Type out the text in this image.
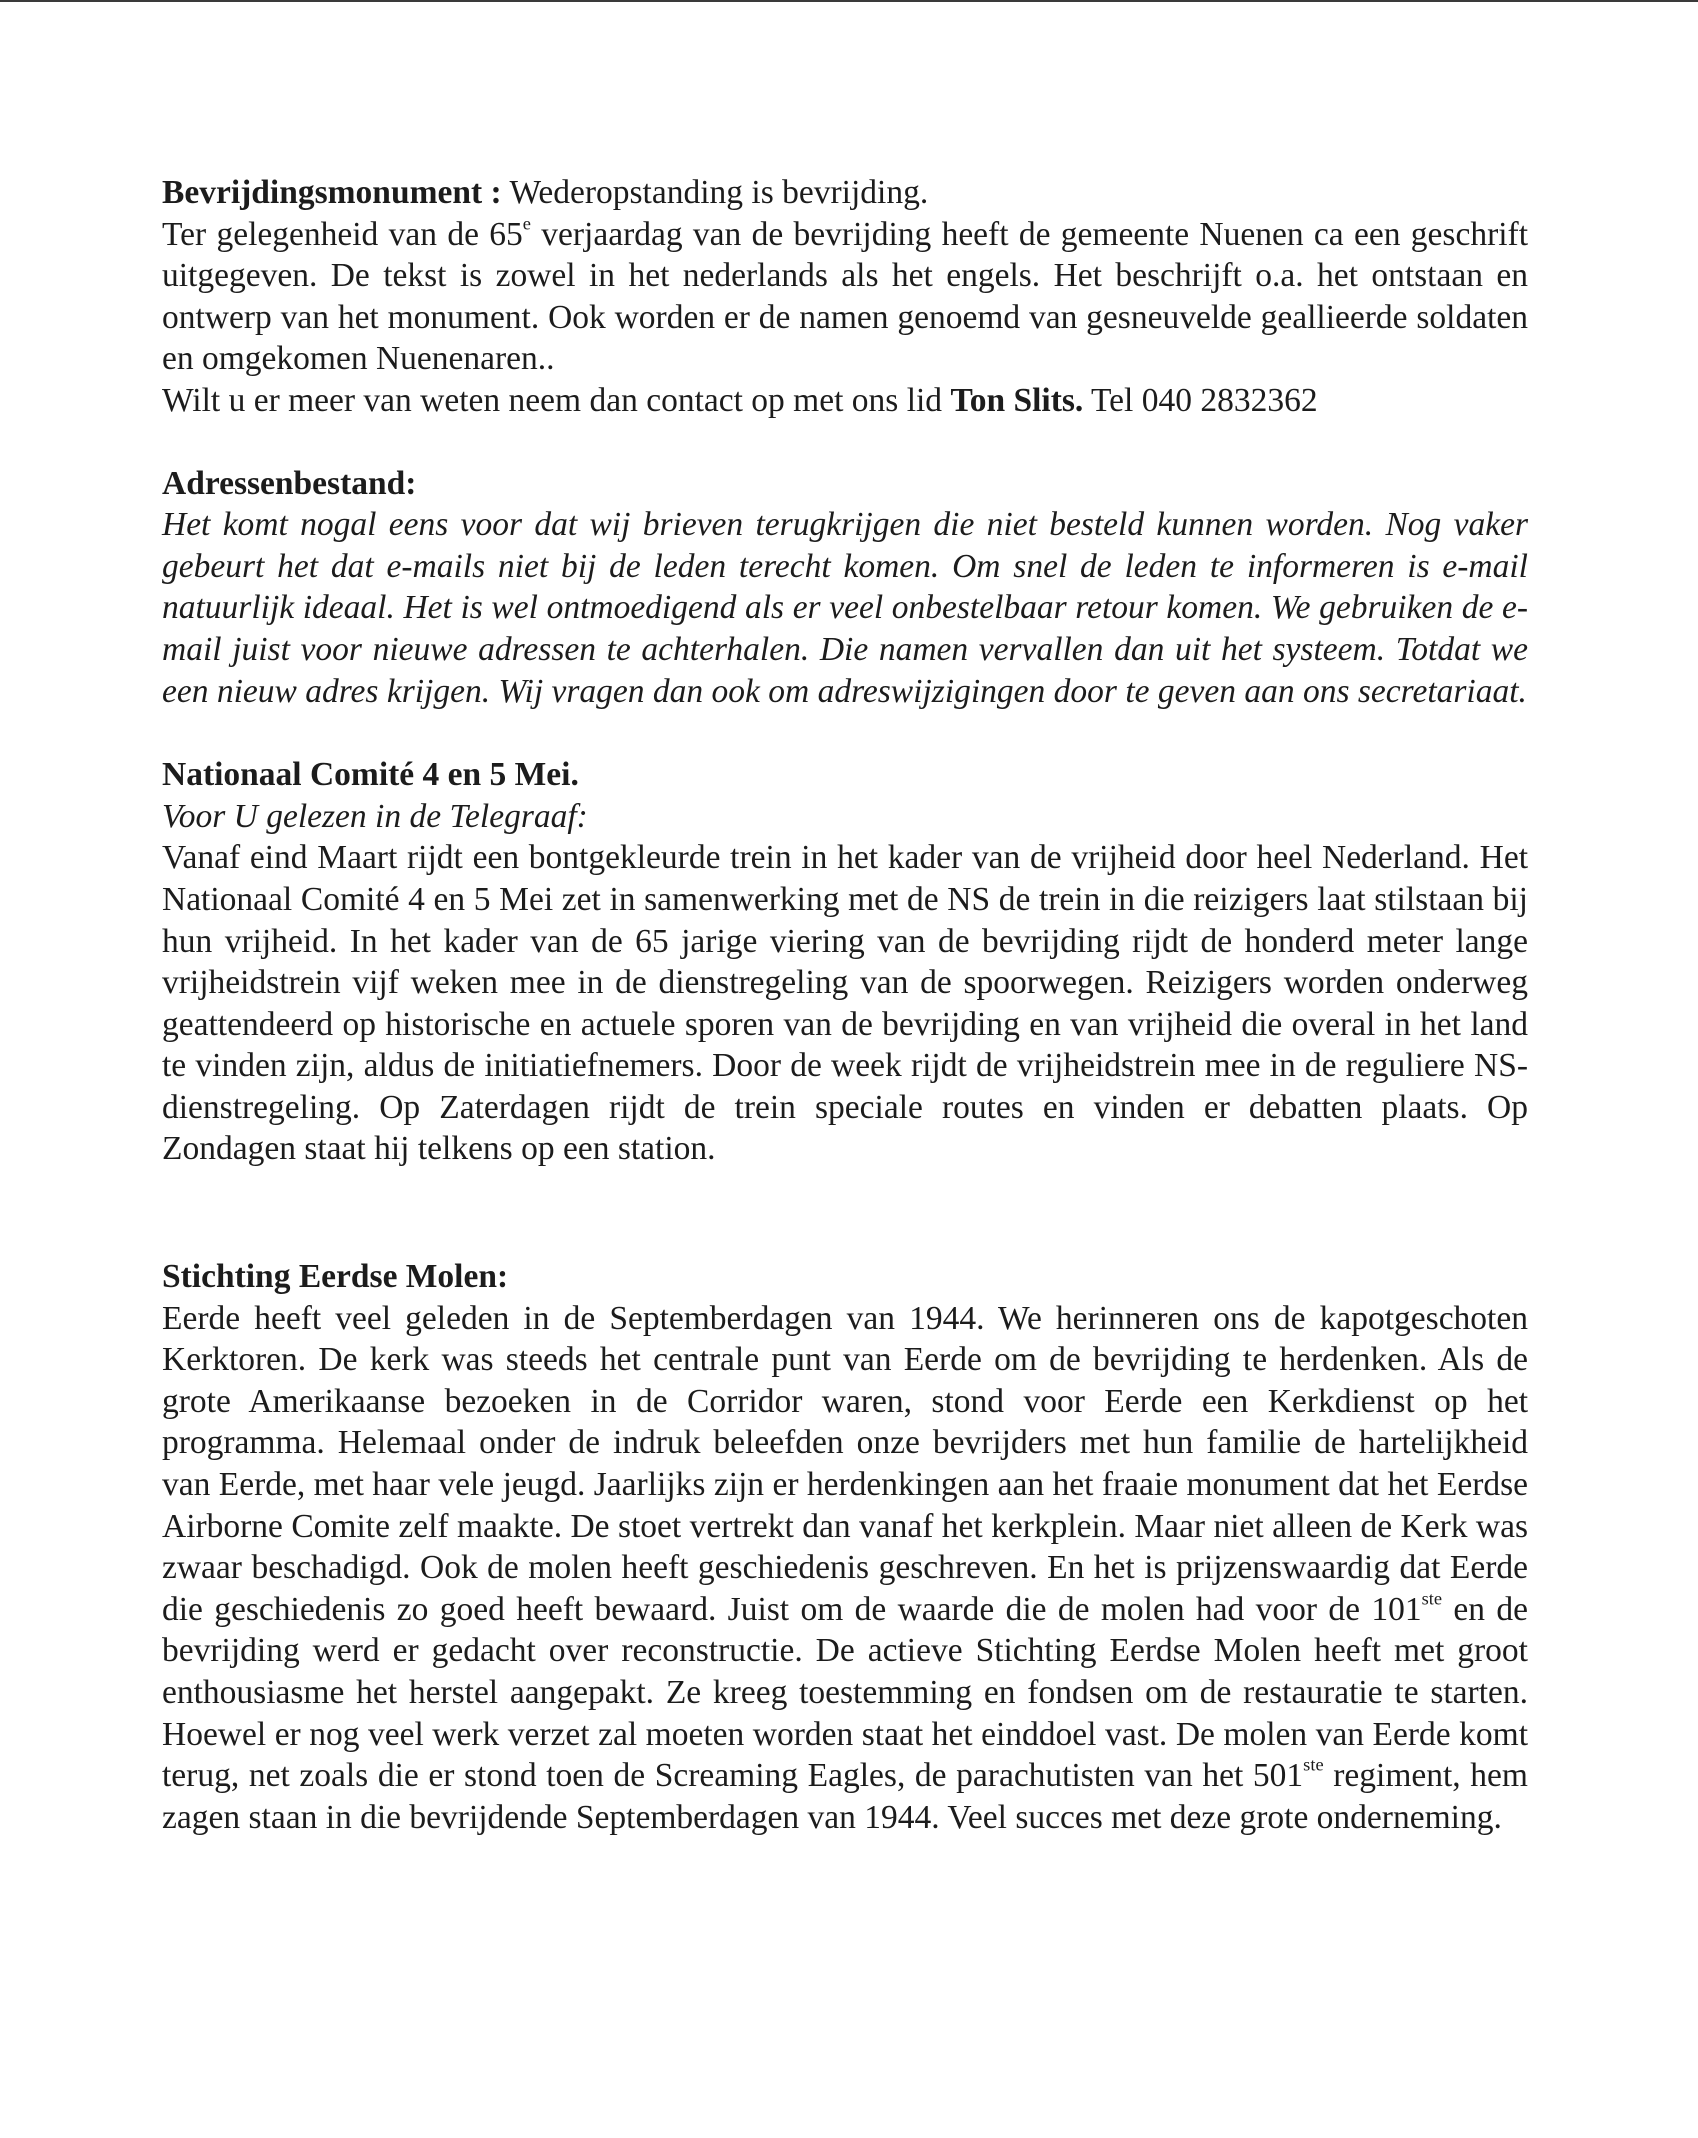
Bevrijdingsmonument : Wederopstanding is bevrijding.

Ter gelegenheid van de 65e verjaardag van de bevrijding heeft de gemeente Nuenen ca een geschrift uitgegeven. De tekst is zowel in het nederlands als het engels. Het beschrijft o.a. het ontstaan en ontwerp van het monument. Ook worden er de namen genoemd van gesneuvelde geallieerde soldaten en omgekomen Nuenenaren..

Wilt u er meer van weten neem dan contact op met ons lid Ton Slits. Tel 040 2832362

Adressenbestand:

Het komt nogal eens voor dat wij brieven terugkrijgen die niet besteld kunnen worden. Nog vaker gebeurt het dat e-mails niet bij de leden terecht komen. Om snel de leden te informeren is e-mail natuurlijk ideaal. Het is wel ontmoedigend als er veel onbestelbaar retour komen. We gebruiken de e-mail juist voor nieuwe adressen te achterhalen. Die namen vervallen dan uit het systeem. Totdat we een nieuw adres krijgen. Wij vragen dan ook om adreswijzigingen door te geven aan ons secretariaat.

Nationaal Comité 4 en 5 Mei.

Voor U gelezen in de Telegraaf:

Vanaf eind Maart rijdt een bontgekleurde trein in het kader van de vrijheid door heel Nederland. Het Nationaal Comité 4 en 5 Mei zet in samenwerking met de NS de trein in die reizigers laat stilstaan bij hun vrijheid. In het kader van de 65 jarige viering van de bevrijding rijdt de honderd meter lange vrijheidstrein vijf weken mee in de dienstregeling van de spoorwegen. Reizigers worden onderweg geattendeerd op historische en actuele sporen van de bevrijding en van vrijheid die overal in het land te vinden zijn, aldus de initiatiefnemers. Door de week rijdt de vrijheidstrein mee in de reguliere NS-dienstregeling. Op Zaterdagen rijdt de trein speciale routes en vinden er debatten plaats. Op Zondagen staat hij telkens op een station.

Stichting Eerdse Molen:

Eerde heeft veel geleden in de Septemberdagen van 1944. We herinneren ons de kapotgeschoten Kerktoren. De kerk was steeds het centrale punt van Eerde om de bevrijding te herdenken. Als de grote Amerikaanse bezoeken in de Corridor waren, stond voor Eerde een Kerkdienst op het programma. Helemaal onder de indruk beleefden onze bevrijders met hun familie de hartelijkheid van Eerde, met haar vele jeugd. Jaarlijks zijn er herdenkingen aan het fraaie monument dat het Eerdse Airborne Comite zelf maakte. De stoet vertrekt dan vanaf het kerkplein. Maar niet alleen de Kerk was zwaar beschadigd. Ook de molen heeft geschiedenis geschreven. En het is prijzenswaardig dat Eerde die geschiedenis zo goed heeft bewaard. Juist om de waarde die de molen had voor de 101ste en de bevrijding werd er gedacht over reconstructie. De actieve Stichting Eerdse Molen heeft met groot enthousiasme het herstel aangepakt. Ze kreeg toestemming en fondsen om de restauratie te starten. Hoewel er nog veel werk verzet zal moeten worden staat het einddoel vast. De molen van Eerde komt terug, net zoals die er stond toen de Screaming Eagles, de parachutisten van het 501ste regiment, hem zagen staan in die bevrijdende Septemberdagen van 1944. Veel succes met deze grote onderneming.
